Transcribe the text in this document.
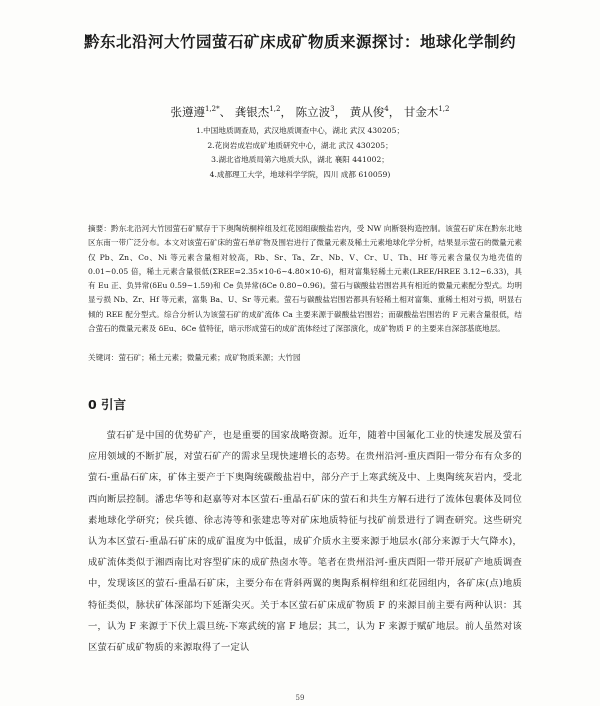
黔东北沿河大竹园萤石矿床成矿物质来源探讨：地球化学制约
张遵遵$^{1,2*}$、 龚银杰$^{1,2}$， 陈立波$^3$， 黄从俊$^4$， 甘金木$^{1,2}$
1.中国地质调查局，武汉地质调查中心，湖北 武汉 430205；
2.花岗岩成岩成矿地质研究中心，湖北 武汉 430205；
3.湖北省地质局第六地质大队，湖北 襄阳 441002；
4.成都理工大学，地球科学学院，四川 成都 610059)
摘要：黔东北沿河大竹园萤石矿赋存于下奥陶统桐梓组及红花园组碳酸盐岩内，受 NW 向断裂构造控制。该萤石矿床在黔东北地区东南一带广泛分布。本文对该萤石矿床的萤石单矿物及围岩进行了微量元素及稀土元素地球化学分析，结果显示萤石的微量元素仅 Pb、Zn、Co、Ni 等元素含量相对较高，Rb、Sr、Ta、Zr、Nb、V、Cr、U、Th、Hf 等元素含量仅为地壳值的 0.01~0.05 倍，稀土元素含量很低(ΣREE=2.35×10-6~4.80×10-6)，相对富集轻稀土元素(LREE/HREE 3.12~6.33)，具有 Eu 正、负异常(δEu 0.59~1.59)和 Ce 负异常(δCe 0.80~0.96)。萤石与碳酸盐岩围岩具有相近的微量元素配分型式。均明显亏损 Nb、Zr、Hf 等元素，富集 Ba、U、Sr 等元素。萤石与碳酸盐岩围岩都具有轻稀土相对富集、重稀土相对亏损，明显右倾的 REE 配分型式。综合分析认为该萤石矿的成矿流体 Ca 主要来源于碳酸盐岩围岩；而碳酸盐岩围岩的 F 元素含量很低，结合萤石的微量元素及 δEu、δCe 值特征，暗示形成萤石的成矿流体经过了深部演化，成矿物质 F 的主要来自深部基底地层。
关键词：萤石矿；稀土元素；微量元素；成矿物质来源；大竹园
0 引言
萤石矿是中国的优势矿产，也是重要的国家战略资源。近年，随着中国氟化工业的快速发展及萤石应用领域的不断扩展，对萤石矿产的需求呈现快速增长的态势。在贵州沿河-重庆酉阳一带分布有众多的萤石-重晶石矿床，矿体主要产于下奥陶统碳酸盐岩中，部分产于上寒武统及中、上奥陶统灰岩内，受北西向断层控制。潘忠华等和赵嘉等对本区萤石-重晶石矿床的萤石和共生方解石进行了流体包裹体及同位素地球化学研究；侯兵德、徐志涛等和张建忠等对矿床地质特征与找矿前景进行了调查研究。这些研究认为本区萤石-重晶石矿床的成矿温度为中低温，成矿介质水主要来源于地层水(部分来源于大气降水)，成矿流体类似于湘西南比对容型矿床的成矿热卤水等。笔者在贵州沿河-重庆酉阳一带开展矿产地质调查中，发现该区的萤石-重晶石矿床，主要分布在背斜两翼的奥陶系桐梓组和红花园组内，各矿床(点)地质特征类似，脉状矿体深部均下延渐尖灭。关于本区萤石矿床成矿物质 F 的来源目前主要有两种认识：其一，认为 F 来源于下伏上震旦统-下寒武统的富 F 地层；其二，认为 F 来源于赋矿地层。前人虽然对该区萤石矿成矿物质的来源取得了一定认
59
